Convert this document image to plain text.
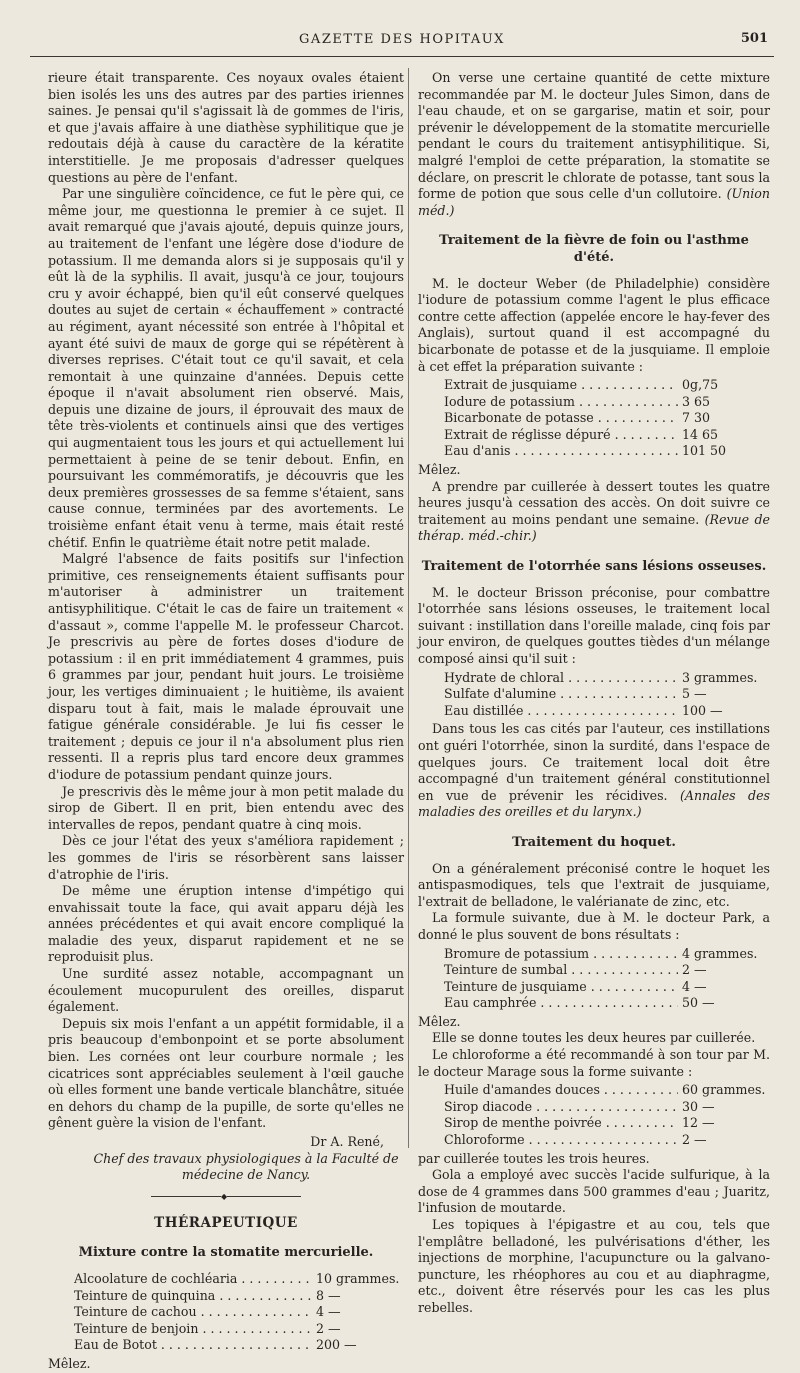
GAZETTE DES HOPITAUX	501

rieure était transparente. Ces noyaux ovales étaient bien isolés les uns des autres par des parties iriennes saines. Je pensai qu'il s'agissait là de gommes de l'iris, et que j'avais affaire à une diathèse syphilitique que je redoutais déjà à cause du caractère de la kératite interstitielle. Je me proposais d'adresser quelques questions au père de l'enfant.

Par une singulière coïncidence, ce fut le père qui, ce même jour, me questionna le premier à ce sujet. Il avait remarqué que j'avais ajouté, depuis quinze jours, au traitement de l'enfant une légère dose d'iodure de potassium. Il me demanda alors si je supposais qu'il y eût là de la syphilis. Il avait, jusqu'à ce jour, toujours cru y avoir échappé, bien qu'il eût conservé quelques doutes au sujet de certain « échauffement » contracté au régiment, ayant nécessité son entrée à l'hôpital et ayant été suivi de maux de gorge qui se répétèrent à diverses reprises. C'était tout ce qu'il savait, et cela remontait à une quinzaine d'années. Depuis cette époque il n'avait absolument rien observé. Mais, depuis une dizaine de jours, il éprouvait des maux de tête très-violents et continuels ainsi que des vertiges qui augmentaient tous les jours et qui actuellement lui permettaient à peine de se tenir debout. Enfin, en poursuivant les commémoratifs, je découvris que les deux premières grossesses de sa femme s'étaient, sans cause connue, terminées par des avortements. Le troisième enfant était venu à terme, mais était resté chétif. Enfin le quatrième était notre petit malade.

Malgré l'absence de faits positifs sur l'infection primitive, ces renseignements étaient suffisants pour m'autoriser à administrer un traitement antisyphilitique. C'était le cas de faire un traitement « d'assaut », comme l'appelle M. le professeur Charcot. Je prescrivis au père de fortes doses d'iodure de potassium : il en prit immédiatement 4 grammes, puis 6 grammes par jour, pendant huit jours. Le troisième jour, les vertiges diminuaient ; le huitième, ils avaient disparu tout à fait, mais le malade éprouvait une fatigue générale considérable. Je lui fis cesser le traitement ; depuis ce jour il n'a absolument plus rien ressenti. Il a repris plus tard encore deux grammes d'iodure de potassium pendant quinze jours.

Je prescrivis dès le même jour à mon petit malade du sirop de Gibert. Il en prit, bien entendu avec des intervalles de repos, pendant quatre à cinq mois.

Dès ce jour l'état des yeux s'améliora rapidement ; les gommes de l'iris se résorbèrent sans laisser d'atrophie de l'iris.

De même une éruption intense d'impétigo qui envahissait toute la face, qui avait apparu déjà les années précédentes et qui avait encore compliqué la maladie des yeux, disparut rapidement et ne se reproduisit plus.

Une surdité assez notable, accompagnant un écoulement mucopurulent des oreilles, disparut également.

Depuis six mois l'enfant a un appétit formidable, il a pris beaucoup d'embonpoint et se porte absolument bien. Les cornées ont leur courbure normale ; les cicatrices sont appréciables seulement à l'œil gauche où elles forment une bande verticale blanchâtre, située en dehors du champ de la pupille, de sorte qu'elles ne gênent guère la vision de l'enfant.

Dr A. René,

Chef des travaux physiologiques à la Faculté de médecine de Nancy.

◆
THÉRAPEUTIQUE
Mixture contre la stomatite mercurielle.
Alcoolature de cochléaria . . .	10 grammes.
Teinture de quinquina . . .	8 —
Teinture de cachou . . .	4 —
Teinture de benjoin . . .	2 —
Eau de Botot . . .	200 —

Mêlez.

On verse une certaine quantité de cette mixture recommandée par M. le docteur Jules Simon, dans de l'eau chaude, et on se gargarise, matin et soir, pour prévenir le développement de la stomatite mercurielle pendant le cours du traitement antisyphilitique. Si, malgré l'emploi de cette préparation, la stomatite se déclare, on prescrit le chlorate de potasse, tant sous la forme de potion que sous celle d'un collutoire. (Union méd.)

Traitement de la fièvre de foin ou l'asthme d'été.

M. le docteur Weber (de Philadelphie) considère l'iodure de potassium comme l'agent le plus efficace contre cette affection (appelée encore le hay-fever des Anglais), surtout quand il est accompagné du bicarbonate de potasse et de la jusquiame. Il emploie à cet effet la préparation suivante :

Extrait de jusquiame . . .	0g,75
Iodure de potassium . . .	3 65
Bicarbonate de potasse . . .	7 30
Extrait de réglisse dépuré . . .	14 65
Eau d'anis . . .	101 50

Mêlez.

A prendre par cuillerée à dessert toutes les quatre heures jusqu'à cessation des accès. On doit suivre ce traitement au moins pendant une semaine. (Revue de thérap. méd.-chir.)

Traitement de l'otorrhée sans lésions osseuses.

M. le docteur Brisson préconise, pour combattre l'otorrhée sans lésions osseuses, le traitement local suivant : instillation dans l'oreille malade, cinq fois par jour environ, de quelques gouttes tièdes d'un mélange composé ainsi qu'il suit :

Hydrate de chloral . . .	3 grammes.
Sulfate d'alumine . . .	5 —
Eau distillée . . .	100 —

Dans tous les cas cités par l'auteur, ces instillations ont guéri l'otorrhée, sinon la surdité, dans l'espace de quelques jours. Ce traitement local doit être accompagné d'un traitement général constitutionnel en vue de prévenir les récidives. (Annales des maladies des oreilles et du larynx.)

Traitement du hoquet.

On a généralement préconisé contre le hoquet les antispasmodiques, tels que l'extrait de jusquiame, l'extrait de belladone, le valérianate de zinc, etc.

La formule suivante, due à M. le docteur Park, a donné le plus souvent de bons résultats :

Bromure de potassium . . .	4 grammes.
Teinture de sumbal . . .	2 —
Teinture de jusquiame . . .	4 —
Eau camphrée . . .	50 —

Mêlez.

Elle se donne toutes les deux heures par cuillerée.

Le chloroforme a été recommandé à son tour par M. le docteur Marage sous la forme suivante :

Huile d'amandes douces . . .	60 grammes.
Sirop diacode . . .	30 —
Sirop de menthe poivrée . . .	12 —
Chloroforme . . .	2 —

par cuillerée toutes les trois heures.

Gola a employé avec succès l'acide sulfurique, à la dose de 4 grammes dans 500 grammes d'eau ; Juaritz, l'infusion de moutarde.

Les topiques à l'épigastre et au cou, tels que l'emplâtre belladoné, les pulvérisations d'éther, les injections de morphine, l'acupuncture ou la galvano-puncture, les rhéophores au cou et au diaphragme, etc., doivent être réservés pour les cas les plus rebelles.
